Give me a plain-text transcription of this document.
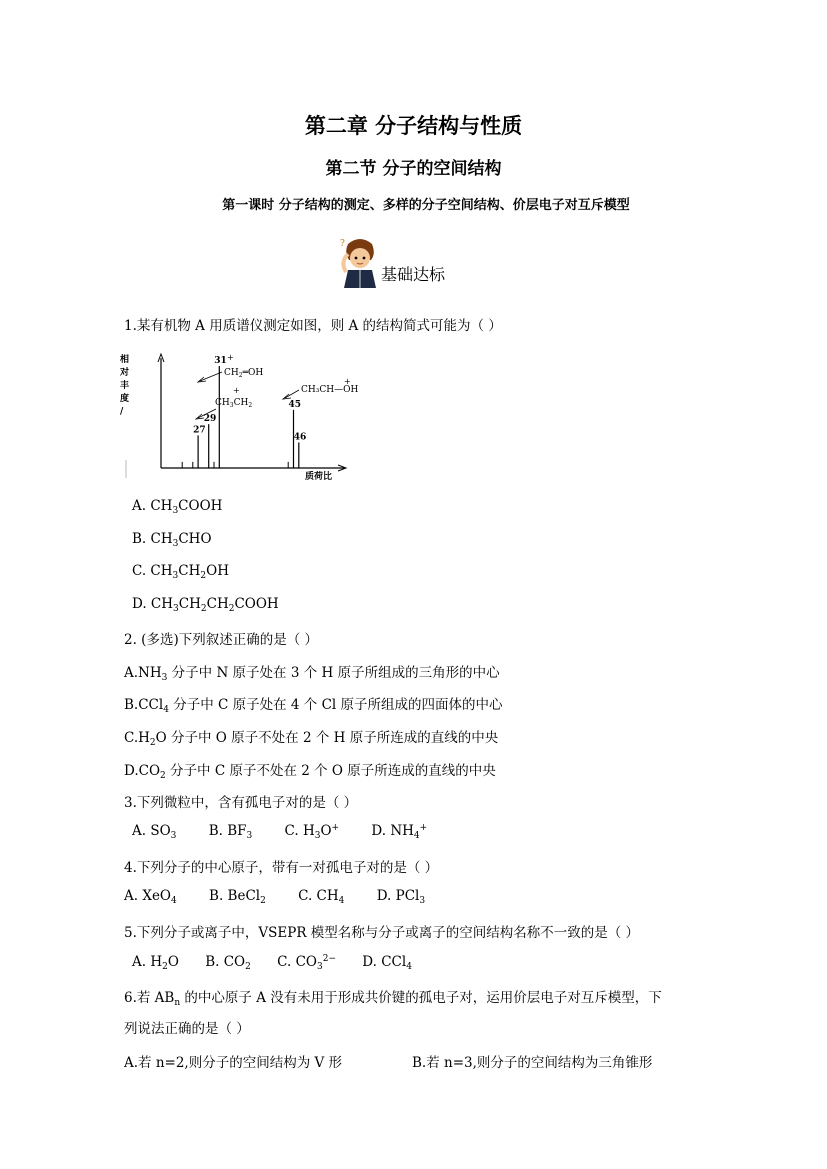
第二章 分子结构与性质
第二节 分子的空间结构
第一课时 分子结构的测定、多样的分子空间结构、价层电子对互斥模型
?
基础达标
1.某有机物 A 用质谱仪测定如图，则 A 的结构简式可能为（ ）
相
对
丰
度
/
质荷比
27
29
31
45
46
+
$CH_2═OH$
+
$CH_3CH_2$
+
CH₃CH—OH
A. $CH_3COOH$
B. $CH_3CHO$
C. $CH_3CH_2OH$
D. $CH_3CH_2CH_2COOH$
2. (多选)下列叙述正确的是（ ）
$A.NH_3$ 分子中 N 原子处在 3 个 H 原子所组成的三角形的中心
B.CCl$_4$ 分子中 C 原子处在 4 个 Cl 原子所组成的四面体的中心
$C.H_2O$ 分子中 O 原子不处在 2 个 H 原子所连成的直线的中央
$D.CO_2$ 分子中 C 原子不处在 2 个 O 原子所连成的直线的中央
3.下列微粒中，含有孤电子对的是（ ）
A. $SO_3$ B. $BF_3$ C. $H_3O^+$ D. $NH_4^+$
4.下列分子的中心原子，带有一对孤电子对的是（ ）
A. XeO$_4$ B. BeCl$_2$ C. $CH_4$ D. PCl$_3$
5.下列分子或离子中，VSEPR 模型名称与分子或离子的空间结构名称不一致的是（ ）
A. $H_2O$ B. $CO_2$ C. $CO_3^{2-}$ D. CCl$_4$
6.若 $AB_n$ 的中心原子 A 没有未用于形成共价键的孤电子对，运用价层电子对互斥模型，下
列说法正确的是（ ）
A.若 n=2,则分子的空间结构为 V 形	B.若 n=3,则分子的空间结构为三角锥形
